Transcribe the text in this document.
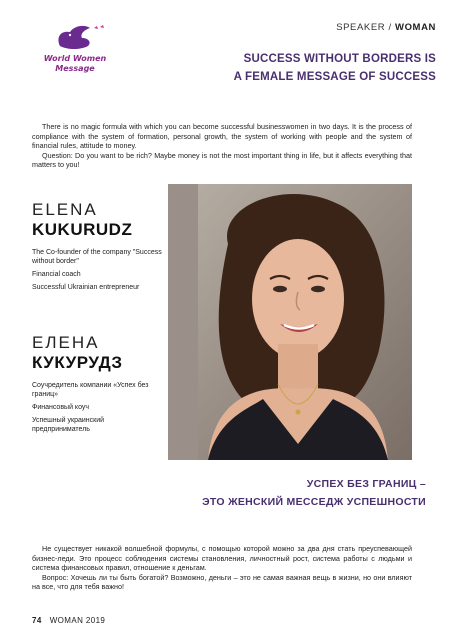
World Women
Message
SPEAKER / WOMAN
SUCCESS WITHOUT BORDERS IS
A FEMALE MESSAGE OF SUCCESS

There is no magic formula with which you can become successful businesswomen in two days. It is the process of compliance with the system of formation, personal growth, the system of working with people and the system of financial rules, attitude to money.

Question: Do you want to be rich? Maybe money is not the most important thing in life, but it affects everything that matters to you!

ELENA
KUKURUDZ
The Co-founder of the company "Success without border"
Financial coach
Successful Ukrainian entrepreneur
ЕЛЕНА
КУКУРУДЗ
Соучредитель компании «Успех без границ»
Финансовый коуч
Успешный украинский предприниматель
УСПЕХ БЕЗ ГРАНИЦ –
ЭТО ЖЕНСКИЙ МЕССЕДЖ УСПЕШНОСТИ

Не существует никакой волшебной формулы, с помощью которой можно за два дня стать преуспевающей бизнес-леди. Это процесс соблюдения системы становления, личностный рост, система работы с людьми и система финансовых правил, отношение к деньгам.

Вопрос: Хочешь ли ты быть богатой? Возможно, деньги – это не самая важная вещь в жизни, но они влияют на все, что для тебя важно!

74 WOMAN 2019
